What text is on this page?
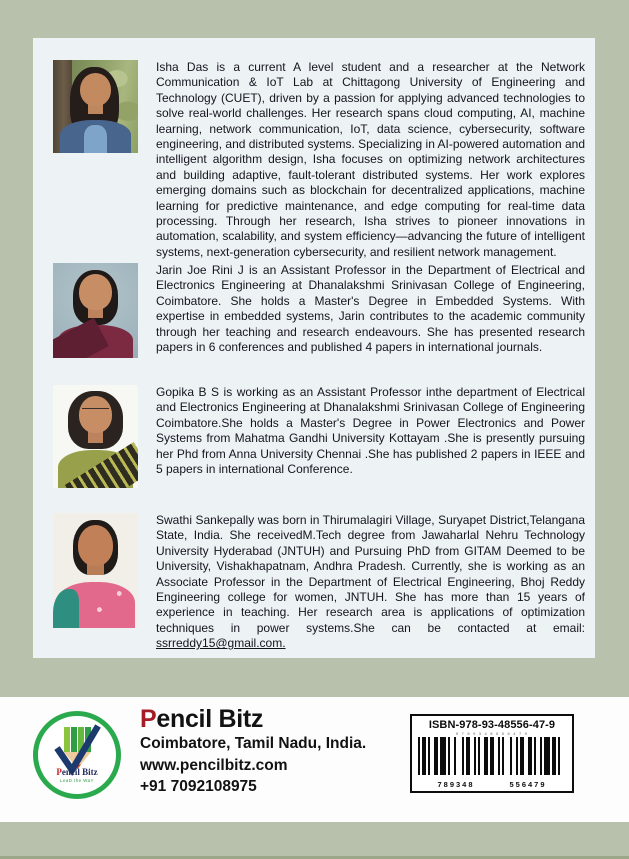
Isha Das is a current A level student and a researcher at the Network Communication & IoT Lab at Chittagong University of Engineering and Technology (CUET), driven by a passion for applying advanced technologies to solve real-world challenges. Her research spans cloud computing, AI, machine learning, network communication, IoT, data science, cybersecurity, software engineering, and distributed systems. Specializing in AI-powered automation and intelligent algorithm design, Isha focuses on optimizing network architectures and building adaptive, fault-tolerant distributed systems. Her work explores emerging domains such as blockchain for decentralized applications, machine learning for predictive maintenance, and edge computing for real-time data processing. Through her research, Isha strives to pioneer innovations in automation, scalability, and system efficiency—advancing the future of intelligent systems, next-generation cybersecurity, and resilient network management.

Jarin Joe Rini J is an Assistant Professor in the Department of Electrical and Electronics Engineering at Dhanalakshmi Srinivasan College of Engineering, Coimbatore. She holds a Master's Degree in Embedded Systems. With expertise in embedded systems, Jarin contributes to the academic community through her teaching and research endeavours. She has presented research papers in 6 conferences and published 4 papers in international journals.

Gopika B S is working as an Assistant Professor inthe department of Electrical and Electronics Engineering at Dhanalakshmi Srinivasan College of Engineering Coimbatore.She holds a Master's Degree in Power Electronics and Power Systems from Mahatma Gandhi University Kottayam .She is presently pursuing her Phd from Anna University Chennai .She has published 2 papers in IEEE and 5 papers in international Conference.

Swathi Sankepally was born in Thirumalagiri Village, Suryapet District,Telangana State, India. She receivedM.Tech degree from Jawaharlal Nehru Technology University Hyderabad (JNTUH) and Pursuing PhD from GITAM Deemed to be University, Vishakhapatnam, Andhra Pradesh. Currently, she is working as an Associate Professor in the Department of Electrical Engineering, Bhoj Reddy Engineering college for women, JNTUH. She has more than 15 years of experience in teaching. Her research area is applications of optimization techniques in power systems.She can be contacted at email: ssrreddy15@gmail.com.

Pencil Bitz
LeaD the WaY
Pencil Bitz
Coimbatore, Tamil Nadu, India.
www.pencilbitz.com
+91 7092108975
ISBN-978-93-48556-47-9
9 7 8 9 3 4 8 5 5 6 4 7 9
789348	556479
